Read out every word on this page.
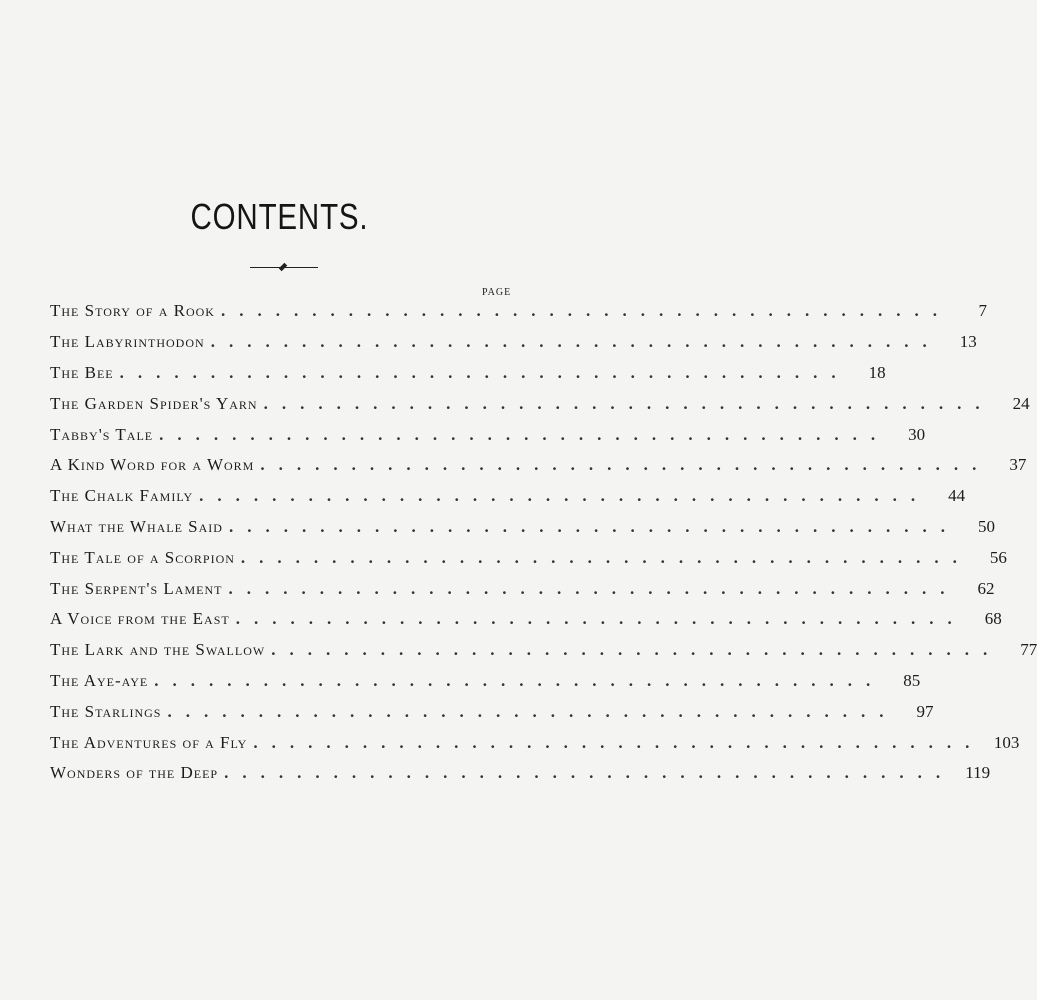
CONTENTS.
PAGE
The Story of a Rook ........................................	7
The Labyrinthodon ........................................	13
The Bee ........................................	18
The Garden Spider's Yarn ........................................	24
Tabby's Tale ........................................	30
A Kind Word for a Worm ........................................	37
The Chalk Family ........................................	44
What the Whale Said ........................................	50
The Tale of a Scorpion ........................................	56
The Serpent's Lament ........................................	62
A Voice from the East ........................................	68
The Lark and the Swallow ........................................	77
The Aye-aye ........................................	85
The Starlings ........................................	97
The Adventures of a Fly ........................................ 103
Wonders of the Deep ........................................ 119
